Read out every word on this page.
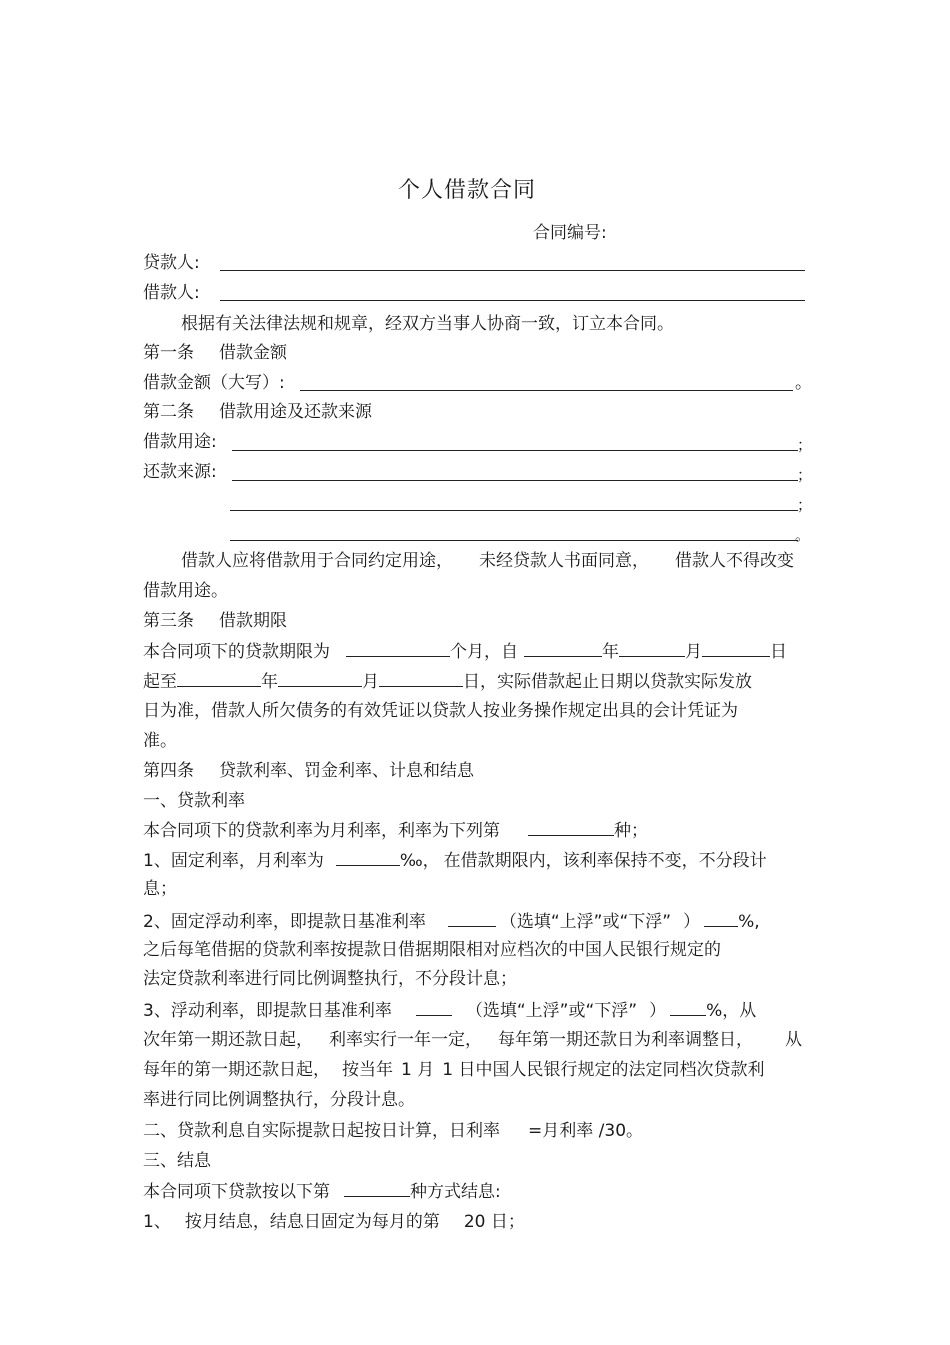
个人借款合同
合同编号:
贷款人:
借款人:
根据有关法律法规和规章，经双方当事人协商一致，订立本合同。
第一条 借款金额
借款金额（大写）:	。
第二条 借款用途及还款来源
借款用途:	；
还款来源:	；
；
。
借款人应将借款用于合同约定用途， 未经贷款人书面同意， 借款人不得改变
借款用途。
第三条 借款期限
本合同项下的贷款期限为	个月，自	年	月	日
起至	年	月	日，实际借款起止日期以贷款实际发放
日为准，借款人所欠债务的有效凭证以贷款人按业务操作规定出具的会计凭证为
准。
第四条 贷款利率、罚金利率、计息和结息
一、贷款利率
本合同项下的贷款利率为月利率，利率为下列第	种；
1、固定利率，月利率为	‰， 在借款期限内，该利率保持不变，不分段计
息；
2、固定浮动利率，即提款日基准利率	（选填“上浮”或“下浮” ） %,
之后每笔借据的贷款利率按提款日借据期限相对应档次的中国人民银行规定的
法定贷款利率进行同比例调整执行，不分段计息；
3、浮动利率，即提款日基准利率	（选填“上浮”或“下浮” ） %，从
次年第一期还款日起， 利率实行一年一定， 每年第一期还款日为利率调整日， 从
每年的第一期还款日起， 按当年 1 月 1 日中国人民银行规定的法定同档次贷款利
率进行同比例调整执行，分段计息。
二、贷款利息自实际提款日起按日计算，日利率 =月利率 /30。
三、结息
本合同项下贷款按以下第	种方式结息:
1、 按月结息，结息日固定为每月的第 20 日；
